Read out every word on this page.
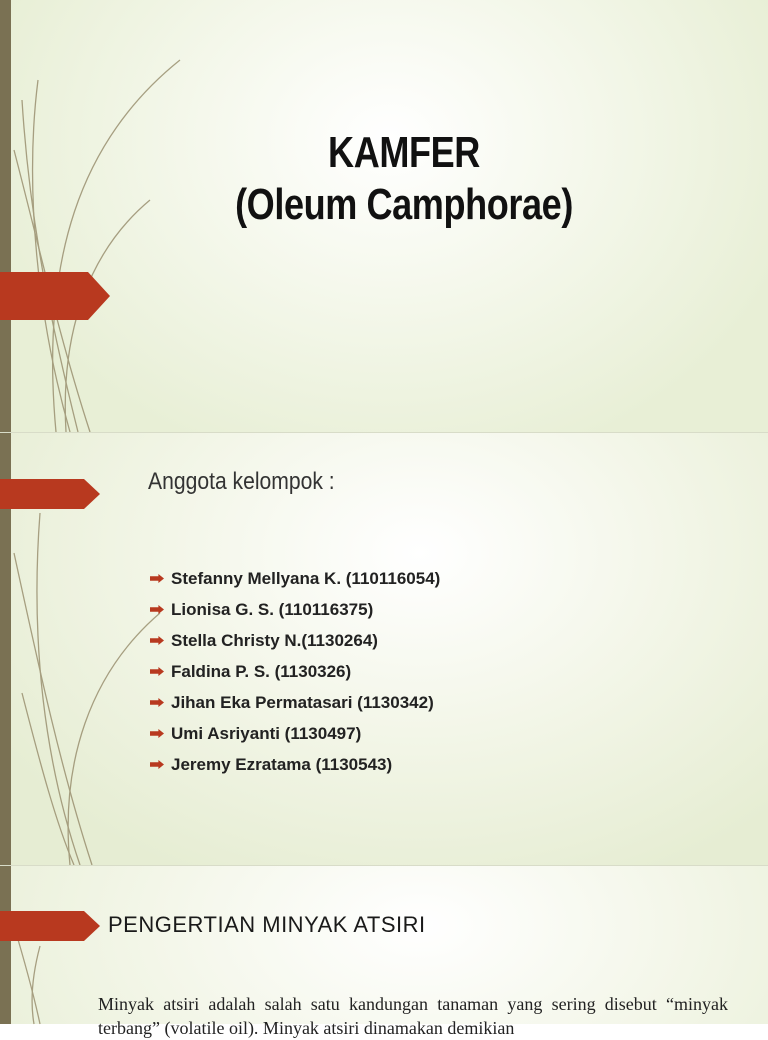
KAMFER
(Oleum Camphorae)
Anggota kelompok :
Stefanny Mellyana K. (110116054)
Lionisa G. S. (110116375)
Stella Christy N.(1130264)
Faldina P. S. (1130326)
Jihan Eka Permatasari (1130342)
Umi Asriyanti (1130497)
Jeremy Ezratama (1130543)
PENGERTIAN MINYAK ATSIRI
Minyak atsiri adalah salah satu kandungan tanaman yang sering disebut “minyak terbang” (volatile oil). Minyak atsiri dinamakan demikian
